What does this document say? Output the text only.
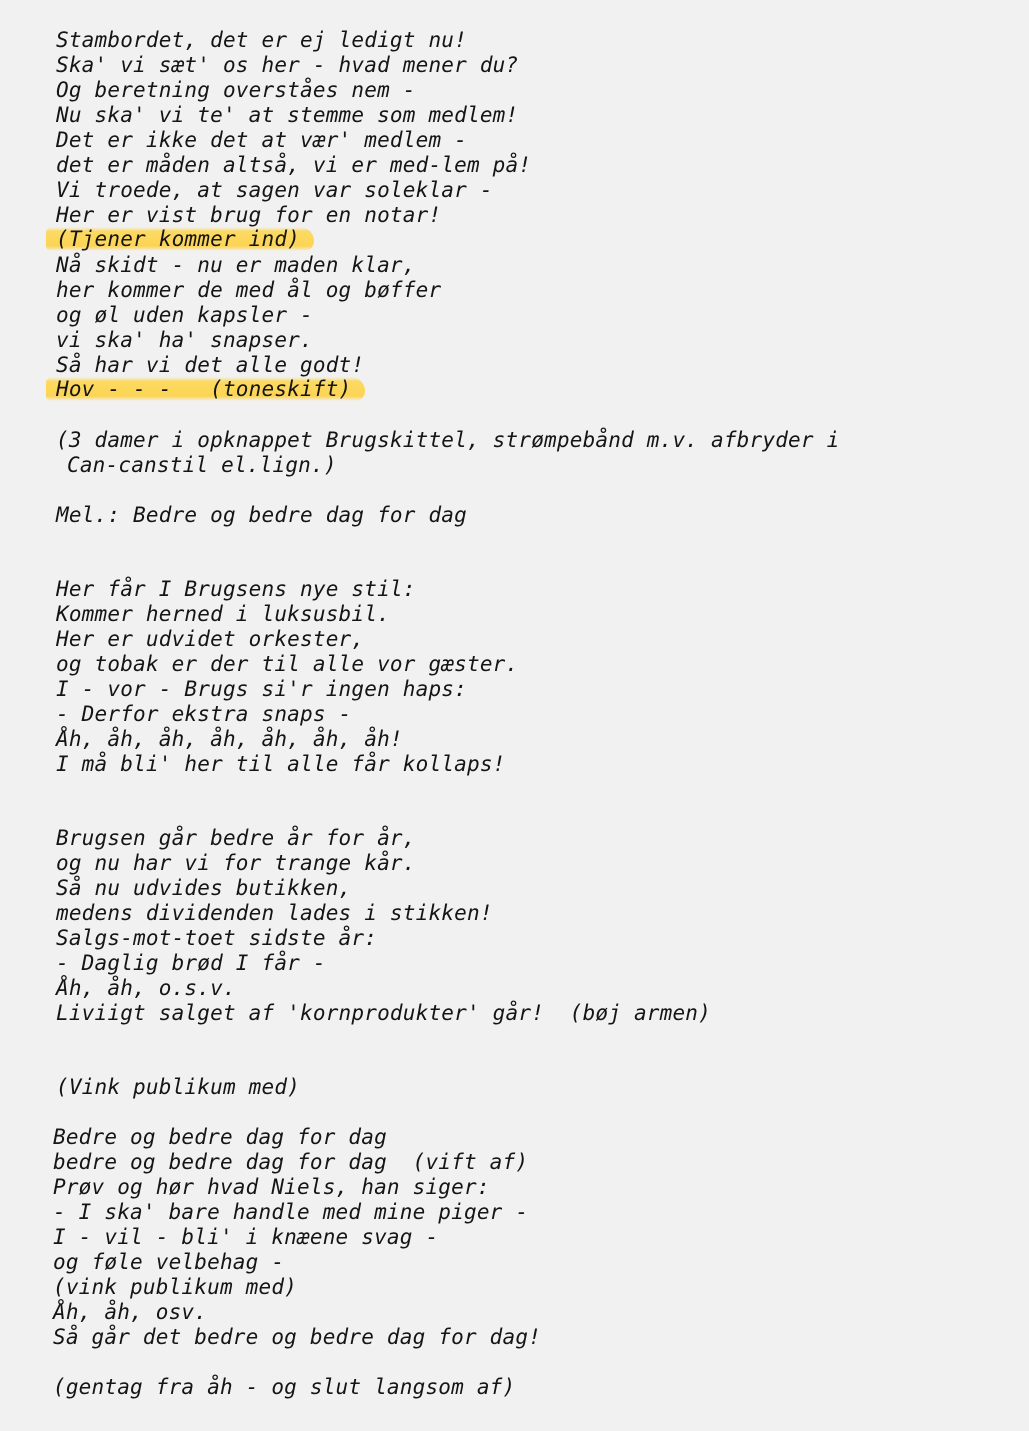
Stambordet, det er ej ledigt nu!
Ska' vi sæt' os her - hvad mener du?
Og beretning overståes nem -
Nu ska' vi te' at stemme som medlem!
Det er ikke det at vær' medlem -
det er måden altså, vi er med-lem på!
Vi troede, at sagen var soleklar -
Her er vist brug for en notar!
(Tjener kommer ind)
Nå skidt - nu er maden klar,
her kommer de med ål og bøffer
og øl uden kapsler -
vi ska' ha' snapser.
Så har vi det alle godt!
Hov - - -   (toneskift)
(3 damer i opknappet Brugskittel, strømpebånd m.v. afbryder i
Can-canstil el.lign.)
Mel.: Bedre og bedre dag for dag
Her får I Brugsens nye stil:
Kommer herned i luksusbil.
Her er udvidet orkester,
og tobak er der til alle vor gæster.
I - vor - Brugs si'r ingen haps:
- Derfor ekstra snaps -
Åh, åh, åh, åh, åh, åh, åh!
I må bli' her til alle får kollaps!
Brugsen går bedre år for år,
og nu har vi for trange kår.
Så nu udvides butikken,
medens dividenden lades i stikken!
Salgs-mot-toet sidste år:
- Daglig brød I får -
Åh, åh, o.s.v.
Liviigt salget af 'kornprodukter' går!  (bøj armen)
(Vink publikum med)
Bedre og bedre dag for dag
bedre og bedre dag for dag  (vift af)
Prøv og hør hvad Niels, han siger:
- I ska' bare handle med mine piger -
I - vil - bli' i knæene svag -
og føle velbehag -
(vink publikum med)
Åh, åh, osv.
Så går det bedre og bedre dag for dag!
(gentag fra åh - og slut langsom af)
